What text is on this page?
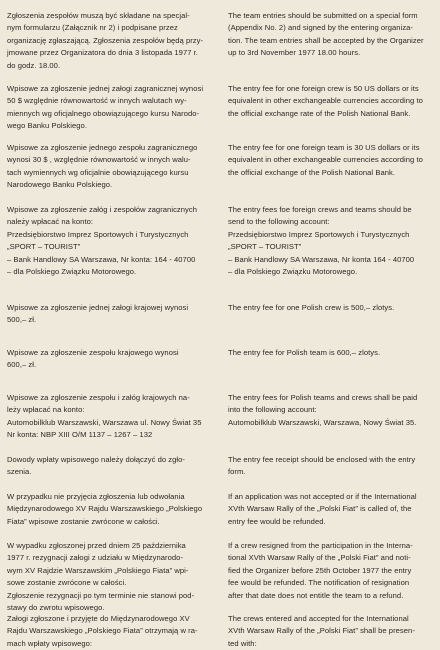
Zgłoszenia zespołów muszą być składane na specjal-
nym formularzu (Załącznik nr 2) i podpisane przez
organizację zgłaszającą. Zgłoszenia zespołów będą przy-
jmowane przez Organizatora do dnia 3 listopada 1977 r.
do godz. 18.00.
Wpisowe za zgłoszenie jednej załogi zagranicznej wynosi
50 $ względnie równowartość w innych walutach wy-
miennych wg oficjalnego obowiązującego kursu Narodo-
wego Banku Polskiego.
Wpisowe za zgłoszenie jednego zespołu zagranicznego
wynosi 30 $ , względnie równowartość w innych walu-
tach wymiennych wg oficjalnie obowiązującego kursu
Narodowego Banku Polskiego.
Wpisowe za zgłoszenie załóg i zespołów zagranicznych
należy wpłacać na konto:
Przedsiębiorstwo Imprez Sportowych i Turystycznych
„SPORT – TOURIST”
– Bank Handlowy SA Warszawa, Nr konta: 164 - 40700
– dla Polskiego Związku Motorowego.
Wpisowe za zgłoszenie jednej załogi krajowej wynosi
500,– zł.
Wpisowe za zgłoszenie zespołu krajowego wynosi
600,– zł.
Wpisowe za zgłoszenie zespołu i załóg krajowych na-
leży wpłacać na konto:
Automobilklub Warszawski, Warszawa ul. Nowy Świat 35
Nr konta: NBP XIII O/M 1137 – 1267 – 132
Dowody wpłaty wpisowego należy dołączyć do zgło-
szenia.
W przypadku nie przyjęcia zgłoszenia lub odwołania
Międzynarodowego XV Rajdu Warszawskiego „Polskiego
Fiata” wpisowe zostanie zwrócone w całości.
W wypadku zgłoszonej przed dniem 25 października
1977 r. rezygnacji załogi z udziału w Międzynarodo-
wym XV Rajdzie Warszawskim „Polskiego Fiata” wpi-
sowe zostanie zwrócone w całości.
Zgłoszenie rezygnacji po tym terminie nie stanowi pod-
stawy do zwrotu wpisowego.
Załogi zgłoszone i przyjęte do Międzynarodowego XV
Rajdu Warszawskiego „Polskiego Fiata” otrzymają w ra-
mach wpłaty wpisowego:
The team entries should be submitted on a special form
(Appendix No. 2) and signed by the entering organiza-
tion. The team entries shall be accepted by the Organizer
up to 3rd November 1977 18.00 hours.
The entry fee for one foreign crew is 50 US dollars or its
equivalent in other exchangeable currencies according to
the official exchange rate of the Polish National Bank.
The entry fee for one foreign team is 30 US dollars or its
equivalent in other exchangeable currencies according to
the official exchange of the Polish National Bank.
The entry fees foe foreign crews and teams should be
send to the following account:
Przedsiębiorstwo Imprez Sportowych i Turystycznych
„SPORT – TOURIST”
– Bank Handlowy SA Warszawa, Nr konta 164 - 40700
– dla Polskiego Związku Motorowego.
The entry fee for one Polish crew is 500,– zlotys.
The entry fee for Polish team is 600,– zlotys.
The entry fees for Polish teams and crews shall be paid
into the following account:
Automobilklub Warszawski, Warszawa, Nowy Świat 35.
The entry fee receipt should be enclosed with the entry
form.
If an application was not accepted or if the International
XVth Warsaw Rally of the „Polski Fiat” is called of, the
entry fee would be refunded.
If a crew resigned from the participation in the Interna-
tional XVth Warsaw Rally of the „Polski Fiat” and noti-
fied the Organizer before 25th October 1977 the entry
fee would be refunded. The notification of resignation
after that date does not entitle the team to a refund.
The crews entered and accepted for the International
XVth Warsaw Rally of the „Polski Fiat” shall be presen-
ted with:
